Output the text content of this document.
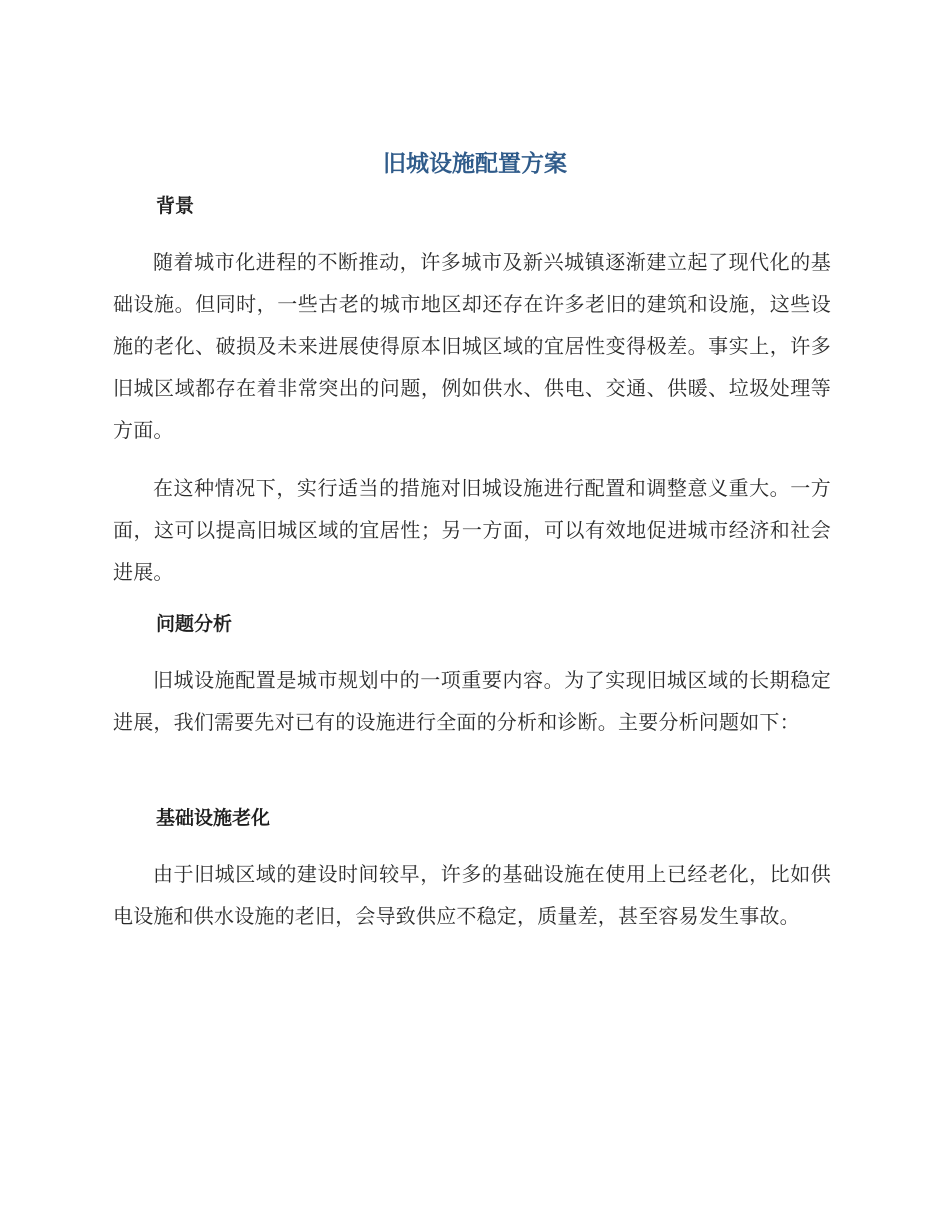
旧城设施配置方案
背景

随着城市化进程的不断推动，许多城市及新兴城镇逐渐建立起了现代化的基础设施。但同时，一些古老的城市地区却还存在许多老旧的建筑和设施，这些设施的老化、破损及未来进展使得原本旧城区域的宜居性变得极差。事实上，许多旧城区域都存在着非常突出的问题，例如供水、供电、交通、供暖、垃圾处理等方面。

在这种情况下，实行适当的措施对旧城设施进行配置和调整意义重大。一方面，这可以提高旧城区域的宜居性；另一方面，可以有效地促进城市经济和社会进展。

问题分析

旧城设施配置是城市规划中的一项重要内容。为了实现旧城区域的长期稳定进展，我们需要先对已有的设施进行全面的分析和诊断。主要分析问题如下：

基础设施老化

由于旧城区域的建设时间较早，许多的基础设施在使用上已经老化，比如供电设施和供水设施的老旧，会导致供应不稳定，质量差，甚至容易发生事故。
